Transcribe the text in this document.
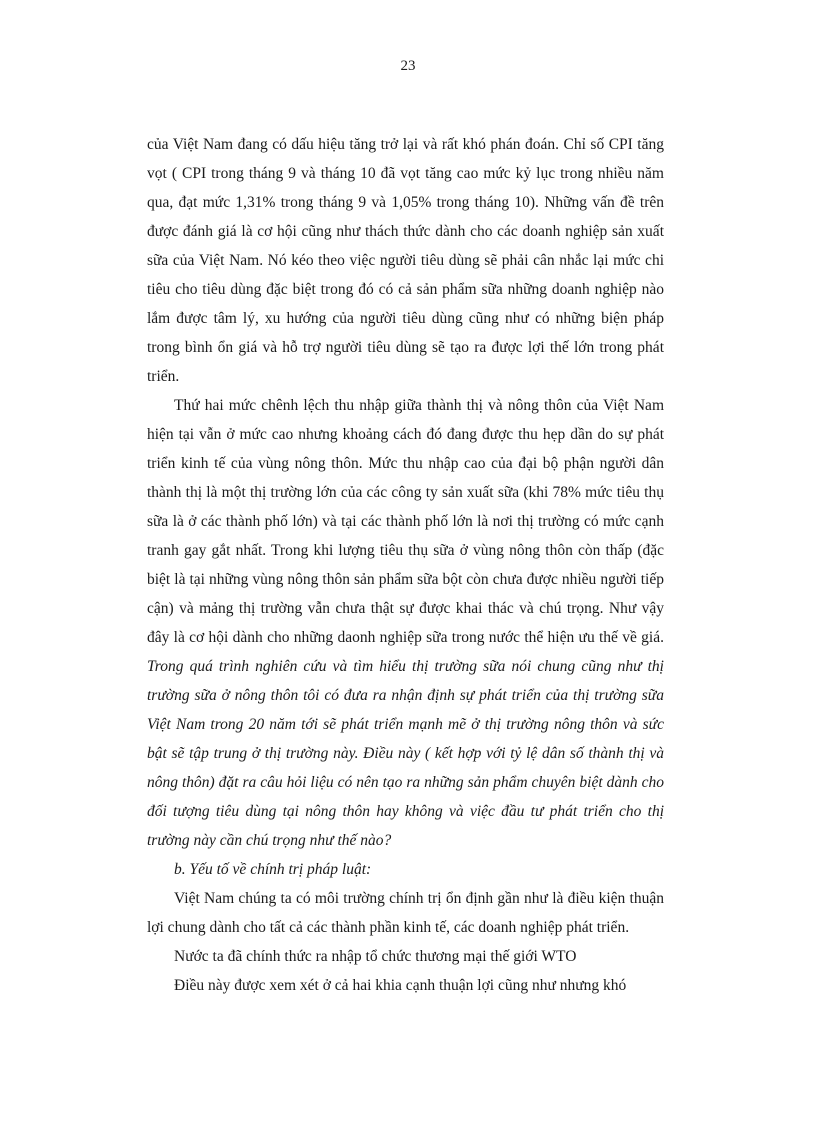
23

của Việt Nam đang có dấu hiệu tăng trở lại và rất khó phán đoán. Chỉ số CPI tăng vọt ( CPI trong tháng 9 và tháng 10 đã vọt tăng cao mức kỷ lục trong nhiều năm qua, đạt mức 1,31% trong tháng 9 và 1,05% trong tháng 10). Những vấn đề trên được đánh giá là cơ hội cũng như thách thức dành cho các doanh nghiệp sản xuất sữa của Việt Nam. Nó kéo theo việc người tiêu dùng sẽ phải cân nhắc lại mức chi tiêu cho tiêu dùng đặc biệt trong đó có cả sản phẩm sữa những doanh nghiệp nào lắm được tâm lý, xu hướng của người tiêu dùng cũng như có những biện pháp trong bình ổn giá và hỗ trợ người tiêu dùng sẽ tạo ra được lợi thế lớn trong phát triển.

Thứ hai mức chênh lệch thu nhập giữa thành thị và nông thôn của Việt Nam hiện tại vẫn ở mức cao nhưng khoảng cách đó đang được thu hẹp dần do sự phát triển kinh tế của vùng nông thôn. Mức thu nhập cao của đại bộ phận người dân thành thị là một thị trường lớn của các công ty sản xuất sữa (khi 78% mức tiêu thụ sữa là ở các thành phố lớn) và tại các thành phố lớn là nơi thị trường có mức cạnh tranh gay gắt nhất. Trong khi lượng tiêu thụ sữa ở vùng nông thôn còn thấp (đặc biệt là tại những vùng nông thôn sản phẩm sữa bột còn chưa được nhiều người tiếp cận) và mảng thị trường vẫn chưa thật sự được khai thác và chú trọng. Như vậy đây là cơ hội dành cho những daonh nghiệp sữa trong nước thể hiện ưu thế về giá. Trong quá trình nghiên cứu và tìm hiểu thị trường sữa nói chung cũng như thị trường sữa ở nông thôn tôi có đưa ra nhận định sự phát triển của thị trường sữa Việt Nam trong 20 năm tới sẽ phát triển mạnh mẽ ở thị trường nông thôn và sức bật sẽ tập trung ở thị trường này. Điều này ( kết hợp với tỷ lệ dân số thành thị và nông thôn) đặt ra câu hỏi liệu có nên tạo ra những sản phẩm chuyên biệt dành cho đối tượng tiêu dùng tại nông thôn hay không và việc đầu tư phát triển cho thị trường này cần chú trọng như thế nào?

b. Yếu tố về chính trị pháp luật:

Việt Nam chúng ta có môi trường chính trị ổn định gần như là điều kiện thuận lợi chung dành cho tất cả các thành phần kinh tế, các doanh nghiệp phát triển.

Nước ta đã chính thức ra nhập tổ chức thương mại thế giới WTO

Điều này được xem xét ở cả hai khia cạnh thuận lợi cũng như nhưng khó
